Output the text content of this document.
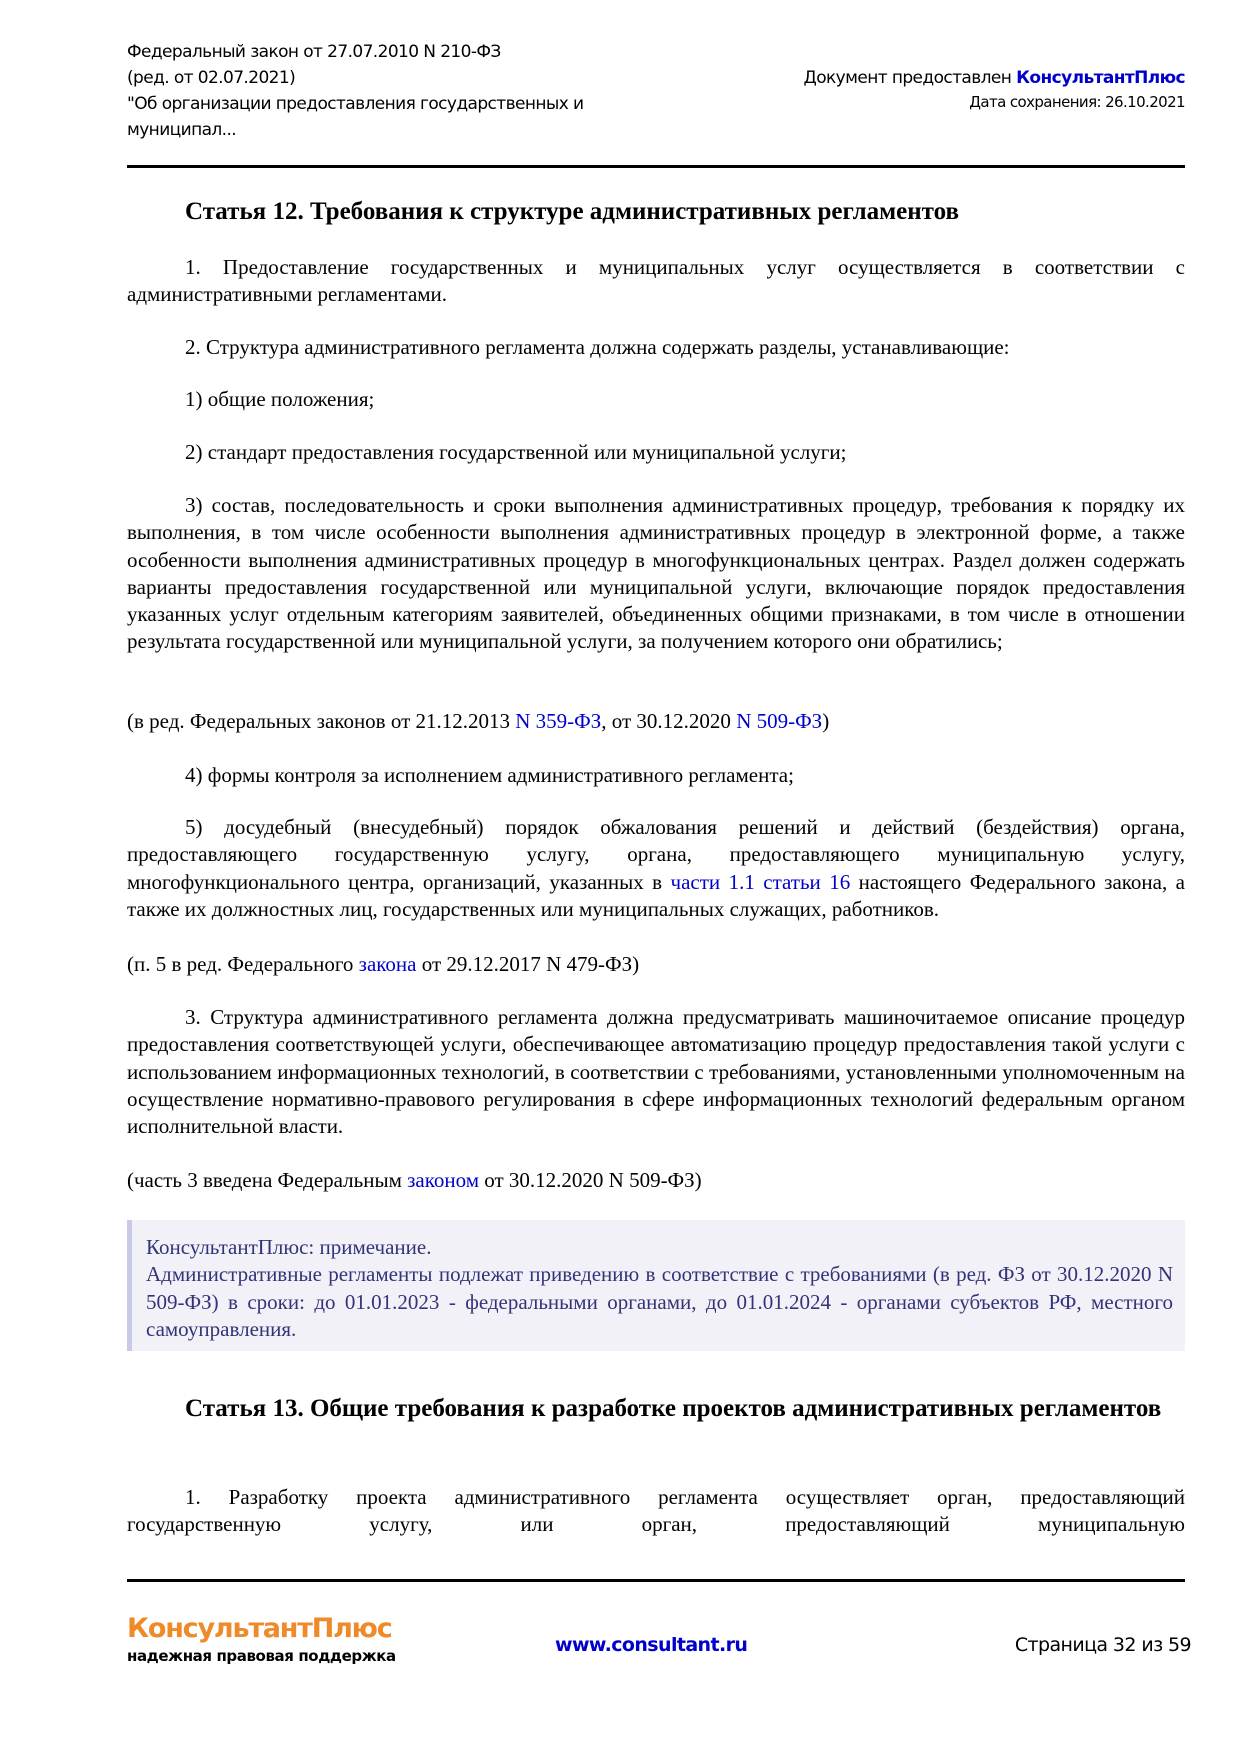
Федеральный закон от 27.07.2010 N 210-ФЗ
(ред. от 02.07.2021)
"Об организации предоставления государственных и
муниципал...
Документ предоставлен КонсультантПлюс
Дата сохранения: 26.10.2021

Статья 12. Требования к структуре административных регламентов

1. Предоставление государственных и муниципальных услуг осуществляется в соответствии с административными регламентами.

2. Структура административного регламента должна содержать разделы, устанавливающие:

1) общие положения;

2) стандарт предоставления государственной или муниципальной услуги;

3) состав, последовательность и сроки выполнения административных процедур, требования к порядку их выполнения, в том числе особенности выполнения административных процедур в электронной форме, а также особенности выполнения административных процедур в многофункциональных центрах. Раздел должен содержать варианты предоставления государственной или муниципальной услуги, включающие порядок предоставления указанных услуг отдельным категориям заявителей, объединенных общими признаками, в том числе в отношении результата государственной или муниципальной услуги, за получением которого они обратились;

(в ред. Федеральных законов от 21.12.2013 N 359-ФЗ, от 30.12.2020 N 509-ФЗ)

4) формы контроля за исполнением административного регламента;

5) досудебный (внесудебный) порядок обжалования решений и действий (бездействия) органа, предоставляющего государственную услугу, органа, предоставляющего муниципальную услугу, многофункционального центра, организаций, указанных в части 1.1 статьи 16 настоящего Федерального закона, а также их должностных лиц, государственных или муниципальных служащих, работников.

(п. 5 в ред. Федерального закона от 29.12.2017 N 479-ФЗ)

3. Структура административного регламента должна предусматривать машиночитаемое описание процедур предоставления соответствующей услуги, обеспечивающее автоматизацию процедур предоставления такой услуги с использованием информационных технологий, в соответствии с требованиями, установленными уполномоченным на осуществление нормативно-правового регулирования в сфере информационных технологий федеральным органом исполнительной власти.

(часть 3 введена Федеральным законом от 30.12.2020 N 509-ФЗ)

КонсультантПлюс: примечание.
Административные регламенты подлежат приведению в соответствие с требованиями (в ред. ФЗ от 30.12.2020 N 509-ФЗ) в сроки: до 01.01.2023 - федеральными органами, до 01.01.2024 - органами субъектов РФ, местного самоуправления.

Статья 13. Общие требования к разработке проектов административных регламентов

1. Разработку проекта административного регламента осуществляет орган, предоставляющий государственную услугу, или орган, предоставляющий муниципальную

КонсультантПлюс
надежная правовая поддержка	www.consultant.ru	Страница 32 из 59
